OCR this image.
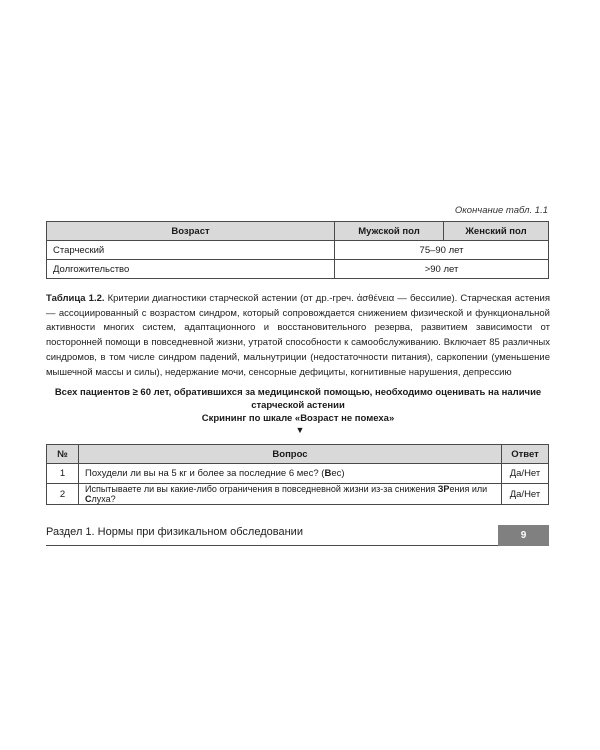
Окончание табл. 1.1
Возраст	Мужской пол	Женский пол
Старческий	75–90 лет	
Долгожительство	>90 лет	
Таблица 1.2. Критерии диагностики старческой астении (от др.-греч. ἀσθένεια — бессилие). Старческая астения — ассоциированный с возрастом синдром, который сопровождается снижением физической и функциональной активности многих систем, адаптационного и восстановительного резерва, развитием зависимости от посторонней помощи в повседневной жизни, утратой способности к самообслуживанию. Включает 85 различных синдромов, в том числе синдром падений, мальнутриции (недостаточности питания), саркопении (уменьшение мышечной массы и силы), недержание мочи, сенсорные дефициты, когнитивные нарушения, депрессию
Всех пациентов ≥ 60 лет, обратившихся за медицинской помощью, необходимо оценивать на наличие старческой астении
Скрининг по шкале «Возраст не помеха»
▼
№	Вопрос	Ответ
1	Похудели ли вы на 5 кг и более за последние 6 мес? (Вес)	Да/Нет
2	Испытываете ли вы какие-либо ограничения в повседневной жизни из-за снижения ЗРения или Слуха?	Да/Нет
Раздел 1. Нормы при физикальном обследовании	9
